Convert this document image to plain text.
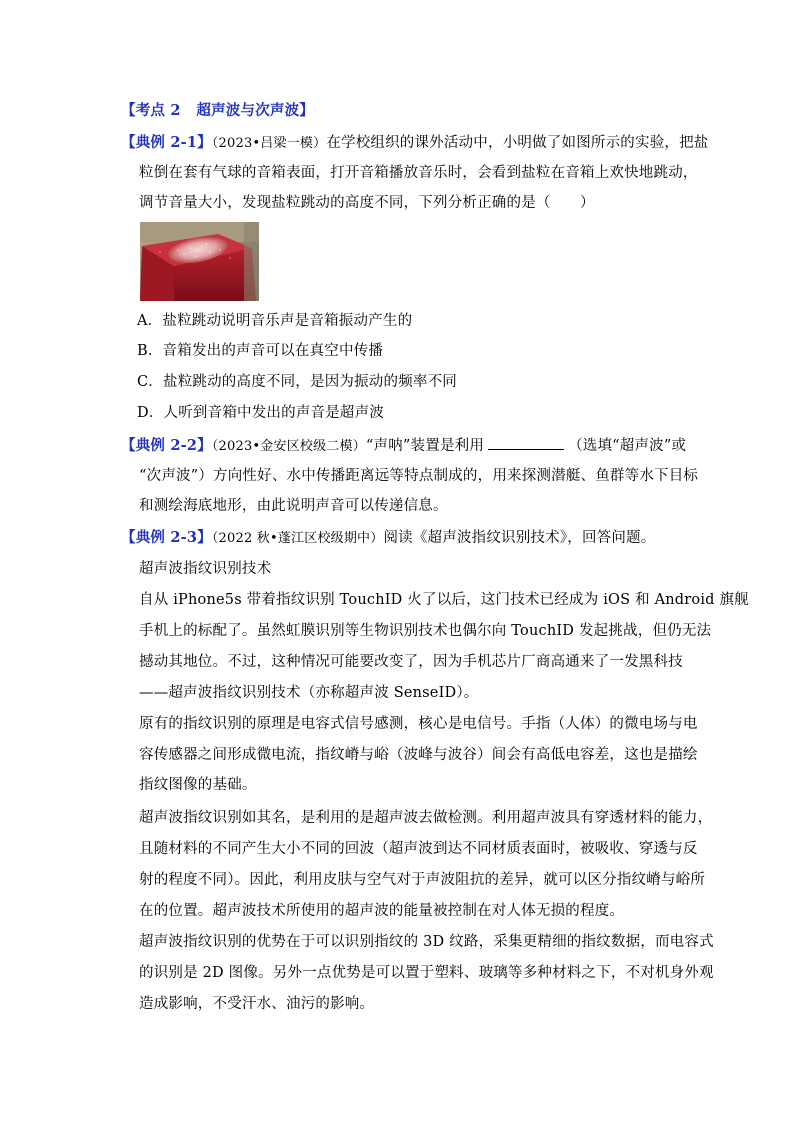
【考点 2 超声波与次声波】
【典例 2-1】（2023•吕梁一模）在学校组织的课外活动中，小明做了如图所示的实验，把盐
粒倒在套有气球的音箱表面，打开音箱播放音乐时，会看到盐粒在音箱上欢快地跳动，
调节音量大小，发现盐粒跳动的高度不同，下列分析正确的是（　　）
A．盐粒跳动说明音乐声是音箱振动产生的
B．音箱发出的声音可以在真空中传播
C．盐粒跳动的高度不同，是因为振动的频率不同
D．人听到音箱中发出的声音是超声波
【典例 2-2】（2023•金安区校级二模）“声呐”装置是利用	（选填“超声波”或
“次声波”）方向性好、水中传播距离远等特点制成的，用来探测潜艇、鱼群等水下目标
和测绘海底地形，由此说明声音可以传递信息。
【典例 2-3】（2022 秋•蓬江区校级期中）阅读《超声波指纹识别技术》，回答问题。
超声波指纹识别技术
自从 iPhone5s 带着指纹识别 TouchID 火了以后，这门技术已经成为 iOS 和 Android 旗舰
手机上的标配了。虽然虹膜识别等生物识别技术也偶尔向 TouchID 发起挑战，但仍无法
撼动其地位。不过，这种情况可能要改变了，因为手机芯片厂商高通来了一发黑科技
——超声波指纹识别技术（亦称超声波 SenseID）。
原有的指纹识别的原理是电容式信号感测，核心是电信号。手指（人体）的微电场与电
容传感器之间形成微电流，指纹嵴与峪（波峰与波谷）间会有高低电容差，这也是描绘
指纹图像的基础。
超声波指纹识别如其名，是利用的是超声波去做检测。利用超声波具有穿透材料的能力，
且随材料的不同产生大小不同的回波（超声波到达不同材质表面时，被吸收、穿透与反
射的程度不同）。因此，利用皮肤与空气对于声波阻抗的差异，就可以区分指纹嵴与峪所
在的位置。超声波技术所使用的超声波的能量被控制在对人体无损的程度。
超声波指纹识别的优势在于可以识别指纹的 3D 纹路，采集更精细的指纹数据，而电容式
的识别是 2D 图像。另外一点优势是可以置于塑料、玻璃等多种材料之下，不对机身外观
造成影响，不受汗水、油污的影响。
